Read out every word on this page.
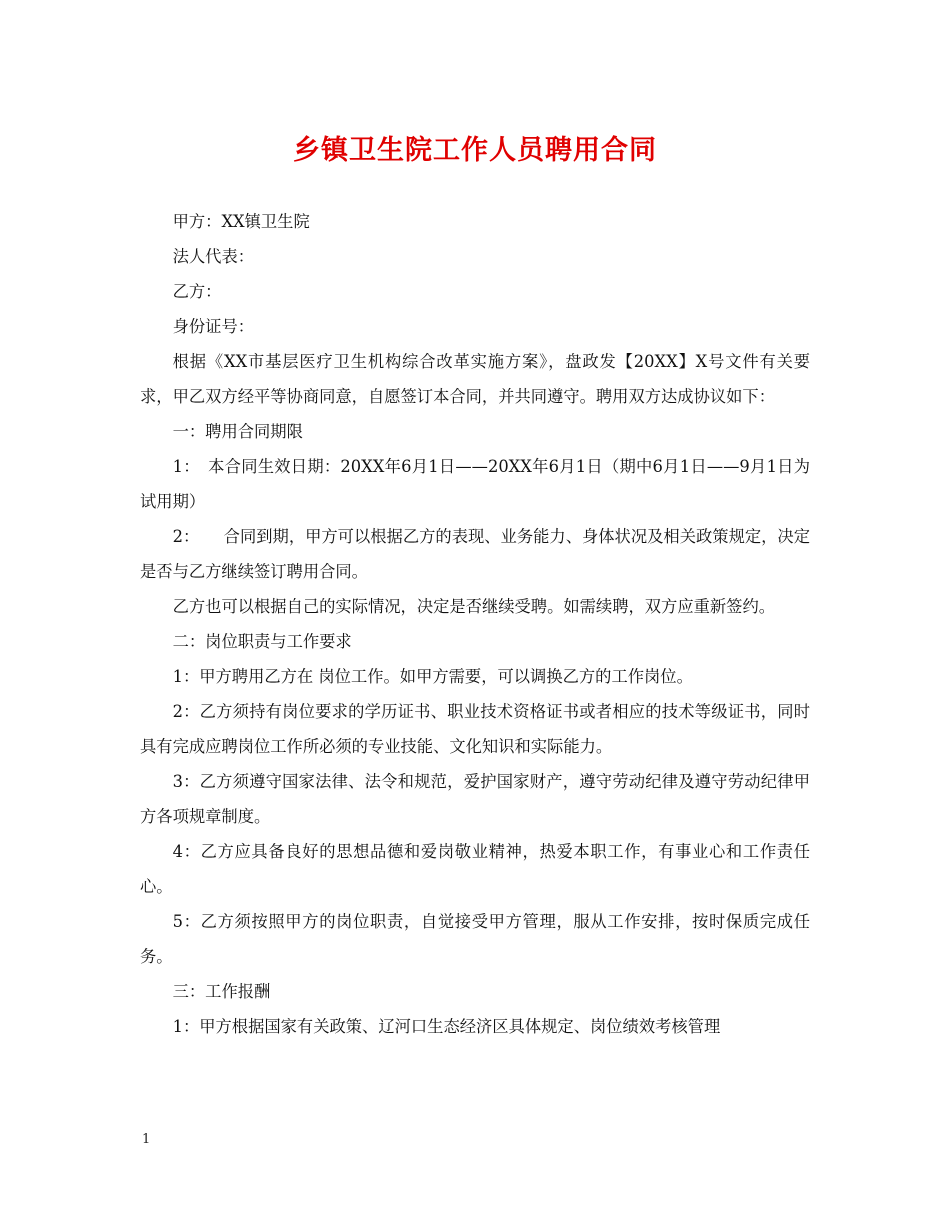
乡镇卫生院工作人员聘用合同

甲方：XX镇卫生院

法人代表：

乙方：

身份证号：

根据《XX市基层医疗卫生机构综合改革实施方案》，盘政发【20XX】X号文件有关要求，甲乙双方经平等协商同意，自愿签订本合同，并共同遵守。聘用双方达成协议如下：

一：聘用合同期限

1：　本合同生效日期：20XX年6月1日——20XX年6月1日（期中6月1日——9月1日为试用期）

2：　　合同到期，甲方可以根据乙方的表现、业务能力、身体状况及相关政策规定，决定是否与乙方继续签订聘用合同。

乙方也可以根据自己的实际情况，决定是否继续受聘。如需续聘，双方应重新签约。

二：岗位职责与工作要求

1：甲方聘用乙方在 岗位工作。如甲方需要，可以调换乙方的工作岗位。

2：乙方须持有岗位要求的学历证书、职业技术资格证书或者相应的技术等级证书，同时具有完成应聘岗位工作所必须的专业技能、文化知识和实际能力。

3：乙方须遵守国家法律、法令和规范，爱护国家财产，遵守劳动纪律及遵守劳动纪律甲方各项规章制度。

4：乙方应具备良好的思想品德和爱岗敬业精神，热爱本职工作，有事业心和工作责任心。

5：乙方须按照甲方的岗位职责，自觉接受甲方管理，服从工作安排，按时保质完成任务。

三：工作报酬

1：甲方根据国家有关政策、辽河口生态经济区具体规定、岗位绩效考核管理

1
